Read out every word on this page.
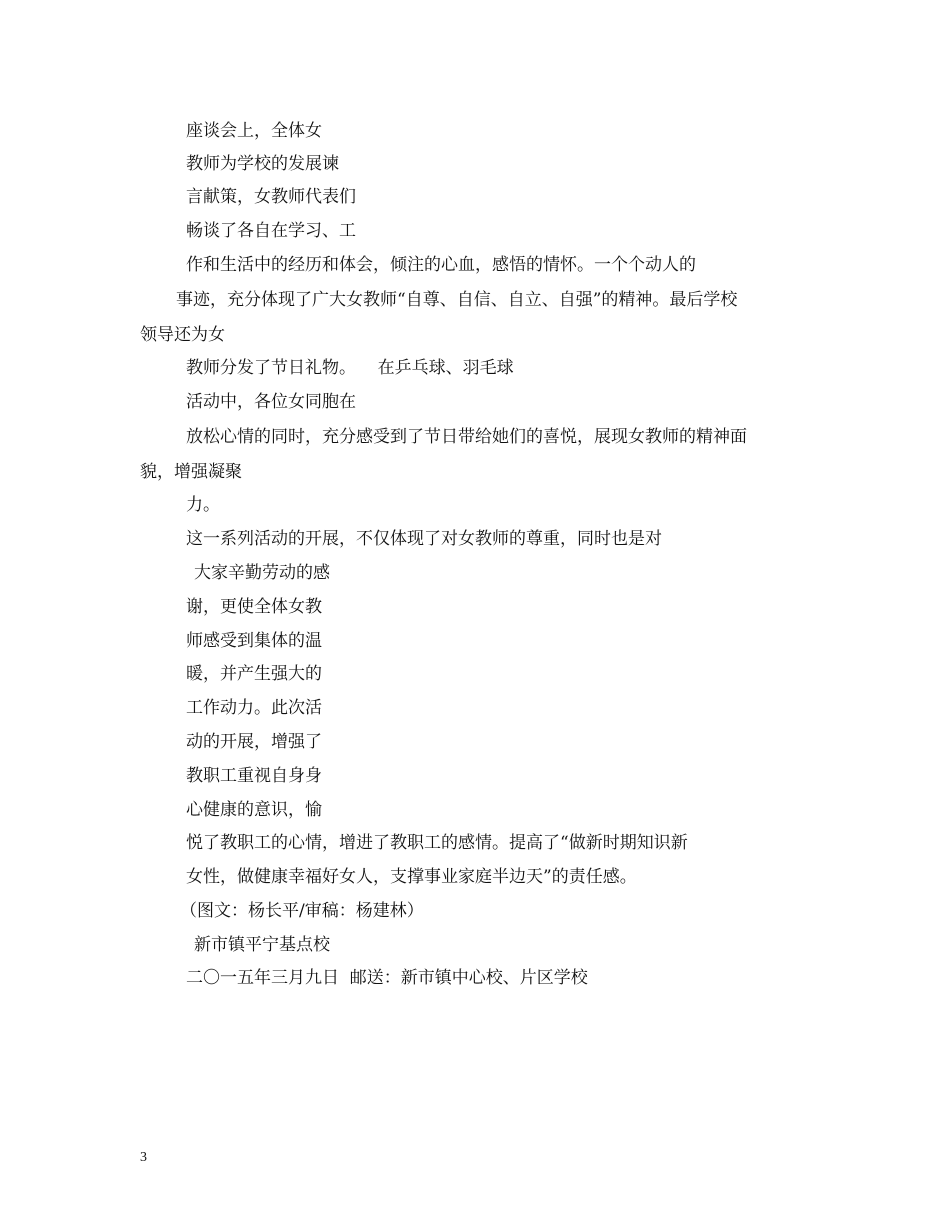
座谈会上，全体女
教师为学校的发展谏
言献策，女教师代表们
畅谈了各自在学习、工
作和生活中的经历和体会，倾注的心血，感悟的情怀。一个个动人的
事迹，充分体现了广大女教师“自尊、自信、自立、自强”的精神。最后学校
领导还为女
教师分发了节日礼物。    在乒乓球、羽毛球
活动中，各位女同胞在
放松心情的同时，充分感受到了节日带给她们的喜悦，展现女教师的精神面
貌，增强凝聚
力。
这一系列活动的开展，不仅体现了对女教师的尊重，同时也是对
大家辛勤劳动的感
谢，更使全体女教
师感受到集体的温
暖，并产生强大的
工作动力。此次活
动的开展，增强了
教职工重视自身身
心健康的意识，愉
悦了教职工的心情，增进了教职工的感情。提高了“做新时期知识新
女性，做健康幸福好女人，支撑事业家庭半边天”的责任感。
（图文：杨长平/审稿：杨建林）
新市镇平宁基点校
二〇一五年三月九日  邮送：新市镇中心校、片区学校
3
